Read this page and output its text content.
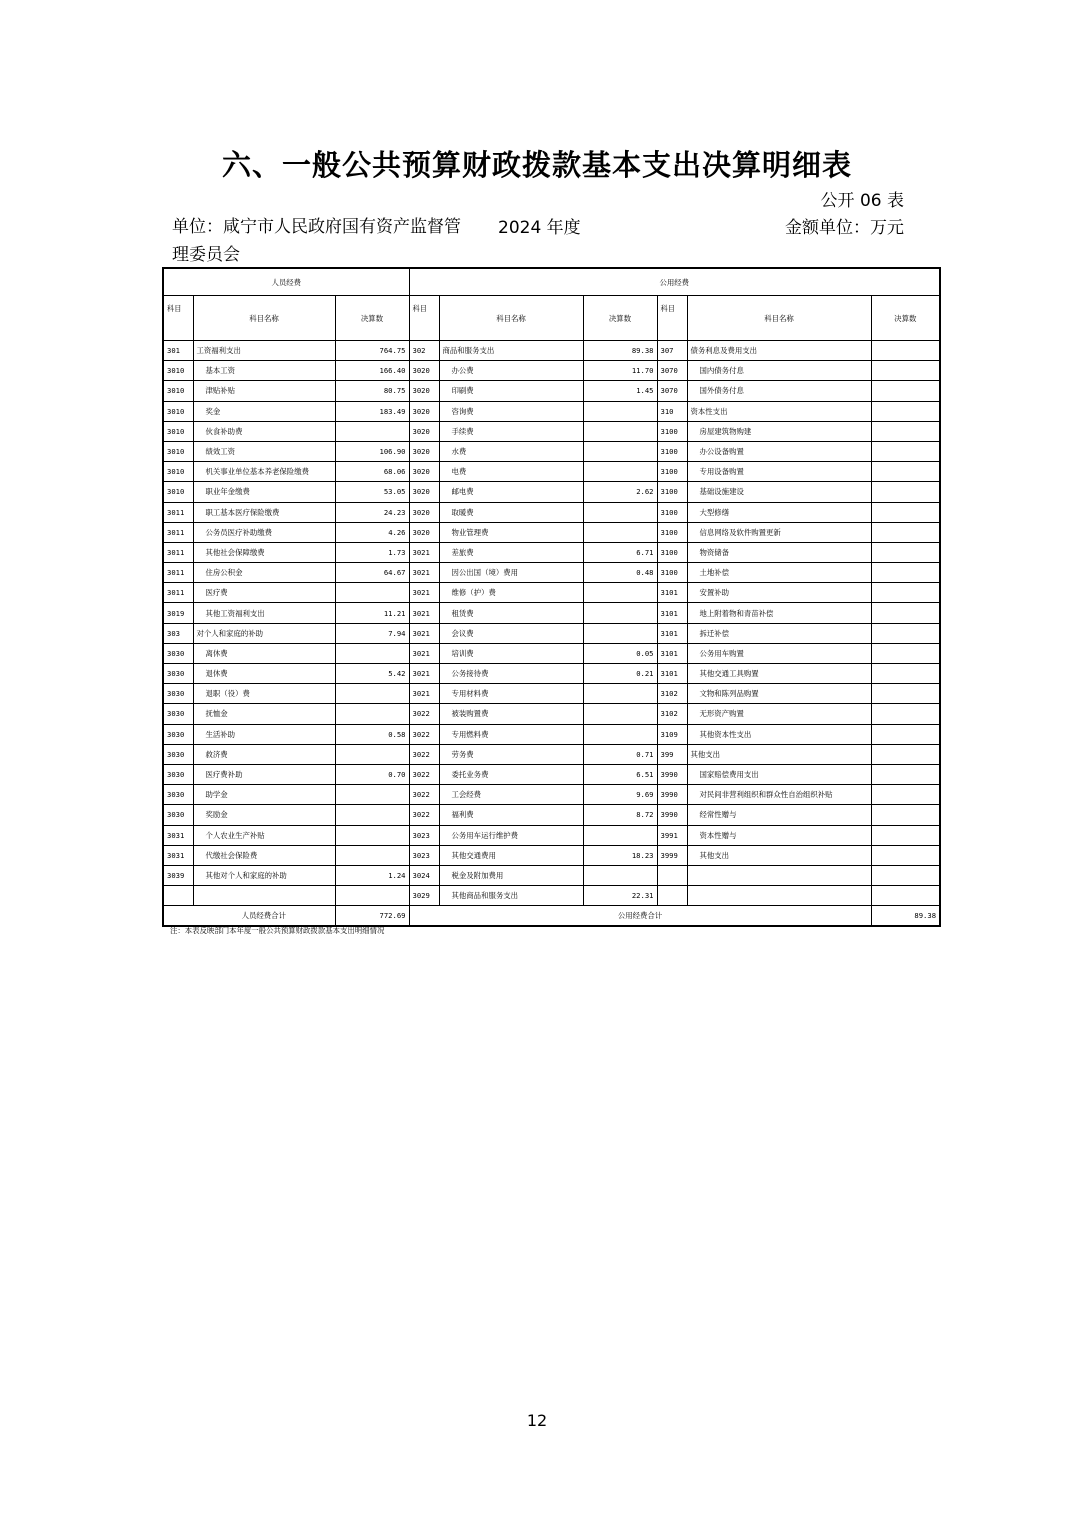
六、一般公共预算财政拨款基本支出决算明细表
公开 06 表
单位：咸宁市人民政府国有资产监督管理委员会
2024 年度	金额单位：万元
人员经费			公用经费					
科目	科目名称	决算数	科目	科目名称	决算数	科目	科目名称	决算数
301	工资福利支出	764.75	302	商品和服务支出	89.38	307	债务利息及费用支出	
3010	基本工资	166.40	3020	办公费	11.70	3070	国内债务付息	
3010	津贴补贴	80.75	3020	印刷费	1.45	3070	国外债务付息	
3010	奖金	183.49	3020	咨询费		310	资本性支出	
3010	伙食补助费		3020	手续费		3100	房屋建筑物购建	
3010	绩效工资	106.90	3020	水费		3100	办公设备购置	
3010	机关事业单位基本养老保险缴费	68.06	3020	电费		3100	专用设备购置	
3010	职业年金缴费	53.05	3020	邮电费	2.62	3100	基础设施建设	
3011	职工基本医疗保险缴费	24.23	3020	取暖费		3100	大型修缮	
3011	公务员医疗补助缴费	4.26	3020	物业管理费		3100	信息网络及软件购置更新	
3011	其他社会保障缴费	1.73	3021	差旅费	6.71	3100	物资储备	
3011	住房公积金	64.67	3021	因公出国（境）费用	0.48	3100	土地补偿	
3011	医疗费		3021	维修（护）费		3101	安置补助	
3019	其他工资福利支出	11.21	3021	租赁费		3101	地上附着物和青苗补偿	
303	对个人和家庭的补助	7.94	3021	会议费		3101	拆迁补偿	
3030	离休费		3021	培训费	0.05	3101	公务用车购置	
3030	退休费	5.42	3021	公务接待费	0.21	3101	其他交通工具购置	
3030	退职（役）费		3021	专用材料费		3102	文物和陈列品购置	
3030	抚恤金		3022	被装购置费		3102	无形资产购置	
3030	生活补助	0.58	3022	专用燃料费		3109	其他资本性支出	
3030	救济费		3022	劳务费	0.71	399	其他支出	
3030	医疗费补助	0.70	3022	委托业务费	6.51	3990	国家赔偿费用支出	
3030	助学金		3022	工会经费	9.69	3990	对民间非营利组织和群众性自治组织补贴	
3030	奖励金		3022	福利费	8.72	3990	经常性赠与	
3031	个人农业生产补贴		3023	公务用车运行维护费		3991	资本性赠与	
3031	代缴社会保险费		3023	其他交通费用	18.23	3999	其他支出	
3039	其他对个人和家庭的补助	1.24	3024	税金及附加费用				
			3029	其他商品和服务支出	22.31			
	人员经费合计	772.69	公用经费合计					89.38
注：本表反映部门本年度一般公共预算财政拨款基本支出明细情况
12
